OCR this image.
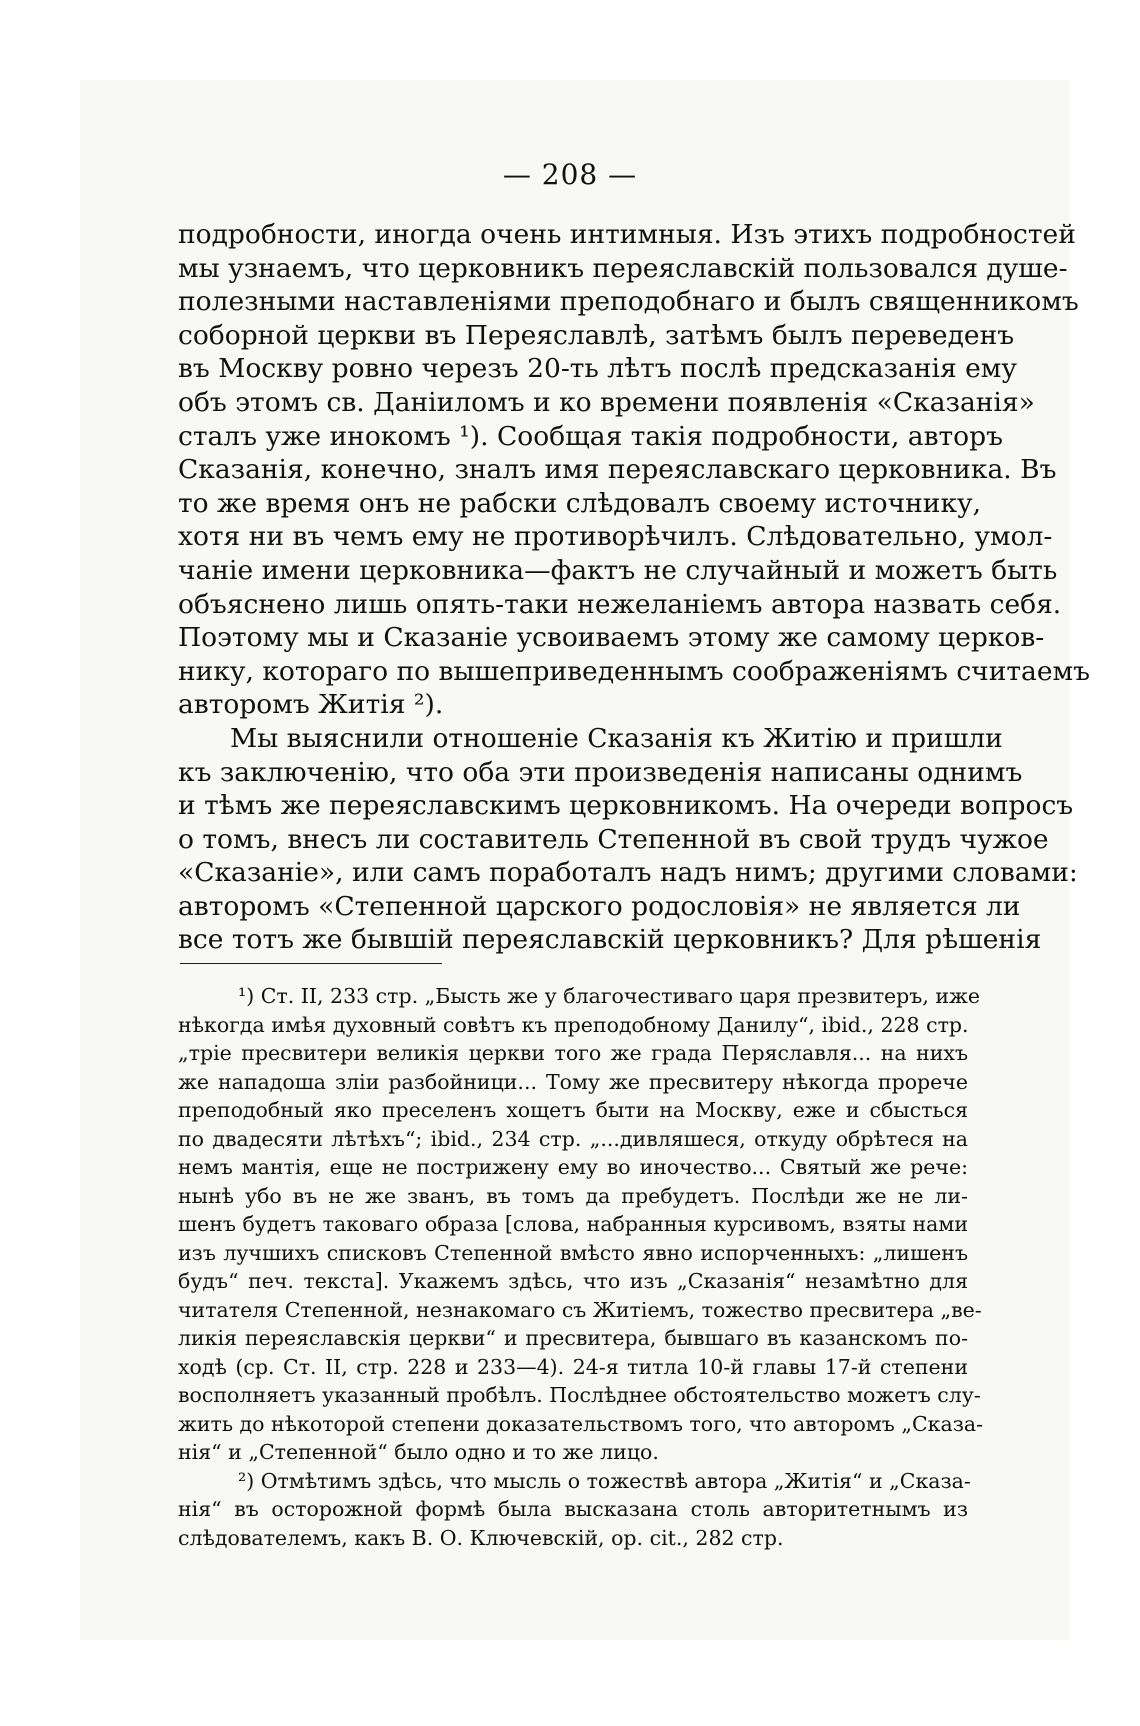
— 208 —
подробности, иногда очень интимныя. Изъ этихъ подробностей
мы узнаемъ, что церковникъ переяславскій пользовался душе-
полезными наставленіями преподобнаго и былъ священникомъ
соборной церкви въ Переяславлѣ, затѣмъ былъ переведенъ
въ Москву ровно черезъ 20-ть лѣтъ послѣ предсказанія ему
объ этомъ св. Даніиломъ и ко времени появленія «Сказанія»
сталъ уже инокомъ ¹). Сообщая такія подробности, авторъ
Сказанія, конечно, зналъ имя переяславскаго церковника. Въ
то же время онъ не рабски слѣдовалъ своему источнику,
хотя ни въ чемъ ему не противорѣчилъ. Слѣдовательно, умол-
чаніе имени церковника—фактъ не случайный и можетъ быть
объяснено лишь опять-таки нежеланіемъ автора назвать себя.
Поэтому мы и Сказаніе усвоиваемъ этому же самому церков-
нику, котораго по вышеприведеннымъ соображеніямъ считаемъ
авторомъ Житія ²).
Мы выяснили отношеніе Сказанія къ Житію и пришли
къ заключенію, что оба эти произведенія написаны однимъ
и тѣмъ же переяславскимъ церковникомъ. На очереди вопросъ
о томъ, внесъ ли составитель Степенной въ свой трудъ чужое
«Сказаніе», или самъ поработалъ надъ нимъ; другими словами:
авторомъ «Степенной царского родословія» не является ли
все тотъ же бывшій переяславскій церковникъ? Для рѣшенія
¹) Ст. II, 233 стр. „Бысть же у благочестиваго царя презвитеръ, иже
нѣкогда имѣя духовный совѣтъ къ преподобному Данилу“, ibid., 228 стр.
„тріе пресвитери великія церкви того же града Перяславля... на нихъ
же нападоша зліи разбойници... Тому же пресвитеру нѣкогда прорече
преподобный яко преселенъ хощетъ быти на Москву, еже и сбысться
по двадесяти лѣтѣхъ“; ibid., 234 стр. „...дивляшеся, откуду обрѣтеся на
немъ мантія, еще не пострижену ему во иночество... Святый же рече:
нынѣ убо въ не же званъ, въ томъ да пребудетъ. Послѣди же не ли-
шенъ будетъ таковаго образа [слова, набранныя курсивомъ, взяты нами
изъ лучшихъ списковъ Степенной вмѣсто явно испорченныхъ: „лишенъ
будъ“ печ. текста]. Укажемъ здѣсь, что изъ „Сказанія“ незамѣтно для
читателя Степенной, незнакомаго съ Житіемъ, тожество пресвитера „ве-
ликія переяславскія церкви“ и пресвитера, бывшаго въ казанскомъ по-
ходѣ (ср. Ст. II, стр. 228 и 233—4). 24-я титла 10-й главы 17-й степени
восполняетъ указанный пробѣлъ. Послѣднее обстоятельство можетъ слу-
жить до нѣкоторой степени доказательствомъ того, что авторомъ „Сказа-
нія“ и „Степенной“ было одно и то же лицо.
²) Отмѣтимъ здѣсь, что мысль о тожествѣ автора „Житія“ и „Сказа-
нія“ въ осторожной формѣ была высказана столь авторитетнымъ из
слѣдователемъ, какъ В. О. Ключевскій, ор. cit., 282 стр.
